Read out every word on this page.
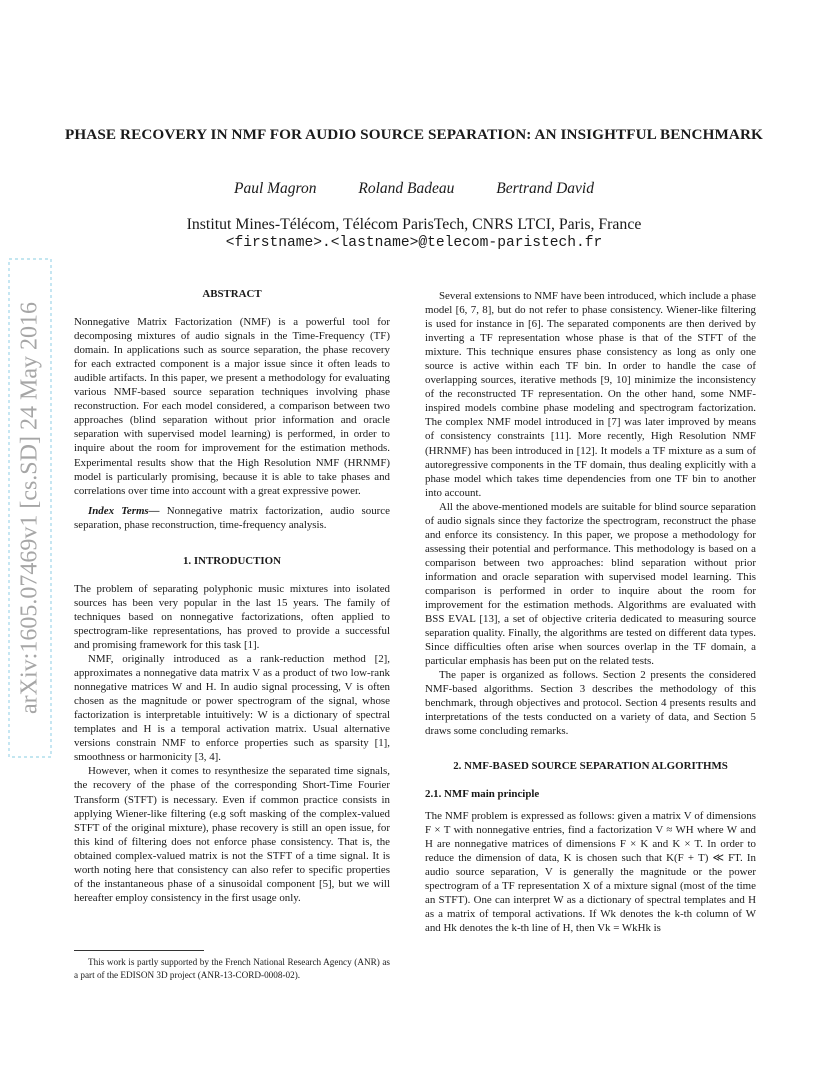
PHASE RECOVERY IN NMF FOR AUDIO SOURCE SEPARATION: AN INSIGHTFUL BENCHMARK
Paul Magron	Roland Badeau	Bertrand David
Institut Mines-Télécom, Télécom ParisTech, CNRS LTCI, Paris, France
<firstname>.<lastname>@telecom-paristech.fr
arXiv:1605.07469v1 [cs.SD] 24 May 2016
ABSTRACT

Nonnegative Matrix Factorization (NMF) is a powerful tool for decomposing mixtures of audio signals in the Time-Frequency (TF) domain. In applications such as source separation, the phase recovery for each extracted component is a major issue since it often leads to audible artifacts. In this paper, we present a methodology for evaluating various NMF-based source separation techniques involving phase reconstruction. For each model considered, a comparison between two approaches (blind separation without prior information and oracle separation with supervised model learning) is performed, in order to inquire about the room for improvement for the estimation methods. Experimental results show that the High Resolution NMF (HRNMF) model is particularly promising, because it is able to take phases and correlations over time into account with a great expressive power.

Index Terms— Nonnegative matrix factorization, audio source separation, phase reconstruction, time-frequency analysis.

1. INTRODUCTION

The problem of separating polyphonic music mixtures into isolated sources has been very popular in the last 15 years. The family of techniques based on nonnegative factorizations, often applied to spectrogram-like representations, has proved to provide a successful and promising framework for this task [1].

NMF, originally introduced as a rank-reduction method [2], approximates a nonnegative data matrix V as a product of two low-rank nonnegative matrices W and H. In audio signal processing, V is often chosen as the magnitude or power spectrogram of the signal, whose factorization is interpretable intuitively: W is a dictionary of spectral templates and H is a temporal activation matrix. Usual alternative versions constrain NMF to enforce properties such as sparsity [1], smoothness or harmonicity [3, 4].

However, when it comes to resynthesize the separated time signals, the recovery of the phase of the corresponding Short-Time Fourier Transform (STFT) is necessary. Even if common practice consists in applying Wiener-like filtering (e.g soft masking of the complex-valued STFT of the original mixture), phase recovery is still an open issue, for this kind of filtering does not enforce phase consistency. That is, the obtained complex-valued matrix is not the STFT of a time signal. It is worth noting here that consistency can also refer to specific properties of the instantaneous phase of a sinusoidal component [5], but we will hereafter employ consistency in the first usage only.

This work is partly supported by the French National Research Agency (ANR) as a part of the EDISON 3D project (ANR-13-CORD-0008-02).

Several extensions to NMF have been introduced, which include a phase model [6, 7, 8], but do not refer to phase consistency. Wiener-like filtering is used for instance in [6]. The separated components are then derived by inverting a TF representation whose phase is that of the STFT of the mixture. This technique ensures phase consistency as long as only one source is active within each TF bin. In order to handle the case of overlapping sources, iterative methods [9, 10] minimize the inconsistency of the reconstructed TF representation. On the other hand, some NMF-inspired models combine phase modeling and spectrogram factorization. The complex NMF model introduced in [7] was later improved by means of consistency constraints [11]. More recently, High Resolution NMF (HRNMF) has been introduced in [12]. It models a TF mixture as a sum of autoregressive components in the TF domain, thus dealing explicitly with a phase model which takes time dependencies from one TF bin to another into account.

All the above-mentioned models are suitable for blind source separation of audio signals since they factorize the spectrogram, reconstruct the phase and enforce its consistency. In this paper, we propose a methodology for assessing their potential and performance. This methodology is based on a comparison between two approaches: blind separation without prior information and oracle separation with supervised model learning. This comparison is performed in order to inquire about the room for improvement for the estimation methods. Algorithms are evaluated with BSS EVAL [13], a set of objective criteria dedicated to measuring source separation quality. Finally, the algorithms are tested on different data types. Since difficulties often arise when sources overlap in the TF domain, a particular emphasis has been put on the related tests.

The paper is organized as follows. Section 2 presents the considered NMF-based algorithms. Section 3 describes the methodology of this benchmark, through objectives and protocol. Section 4 presents results and interpretations of the tests conducted on a variety of data, and Section 5 draws some concluding remarks.

2. NMF-BASED SOURCE SEPARATION ALGORITHMS
2.1. NMF main principle

The NMF problem is expressed as follows: given a matrix V of dimensions F × T with nonnegative entries, find a factorization V ≈ WH where W and H are nonnegative matrices of dimensions F × K and K × T. In order to reduce the dimension of data, K is chosen such that K(F + T) ≪ FT. In audio source separation, V is generally the magnitude or the power spectrogram of a TF representation X of a mixture signal (most of the time an STFT). One can interpret W as a dictionary of spectral templates and H as a matrix of temporal activations. If Wk denotes the k-th column of W and Hk denotes the k-th line of H, then Vk = WkHk is
